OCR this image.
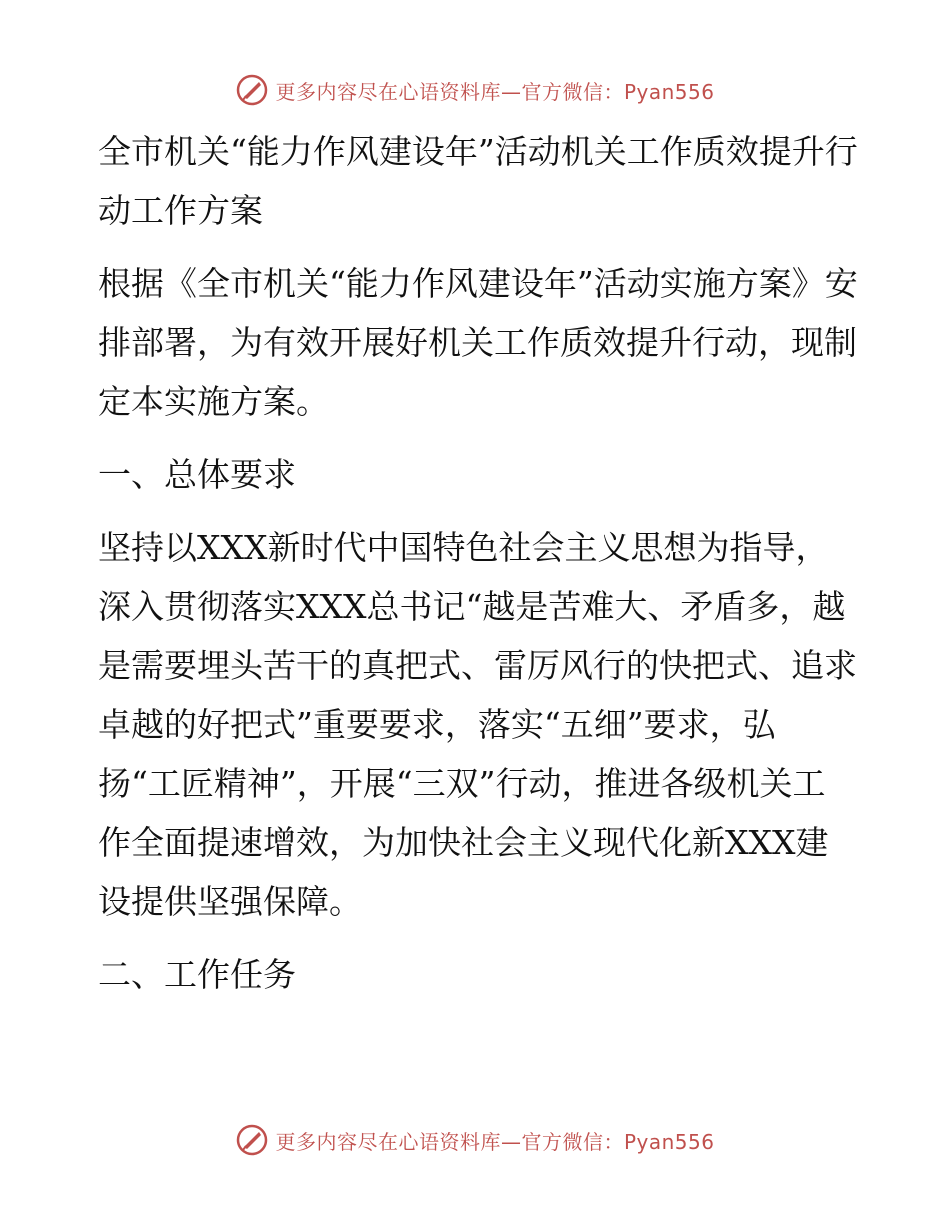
更多内容尽在心语资料库—官方微信：Pyan556

全市机关“能力作风建设年”活动机关工作质效提升行动工作方案

根据《全市机关“能力作风建设年”活动实施方案》安排部署，为有效开展好机关工作质效提升行动，现制定本实施方案。

一、总体要求

坚持以XXX新时代中国特色社会主义思想为指导，深入贯彻落实XXX总书记“越是苦难大、矛盾多，越是需要埋头苦干的真把式、雷厉风行的快把式、追求卓越的好把式”重要要求，落实“五细”要求，弘扬“工匠精神”，开展“三双”行动，推进各级机关工作全面提速增效，为加快社会主义现代化新XXX建设提供坚强保障。

二、工作任务

更多内容尽在心语资料库—官方微信：Pyan556
